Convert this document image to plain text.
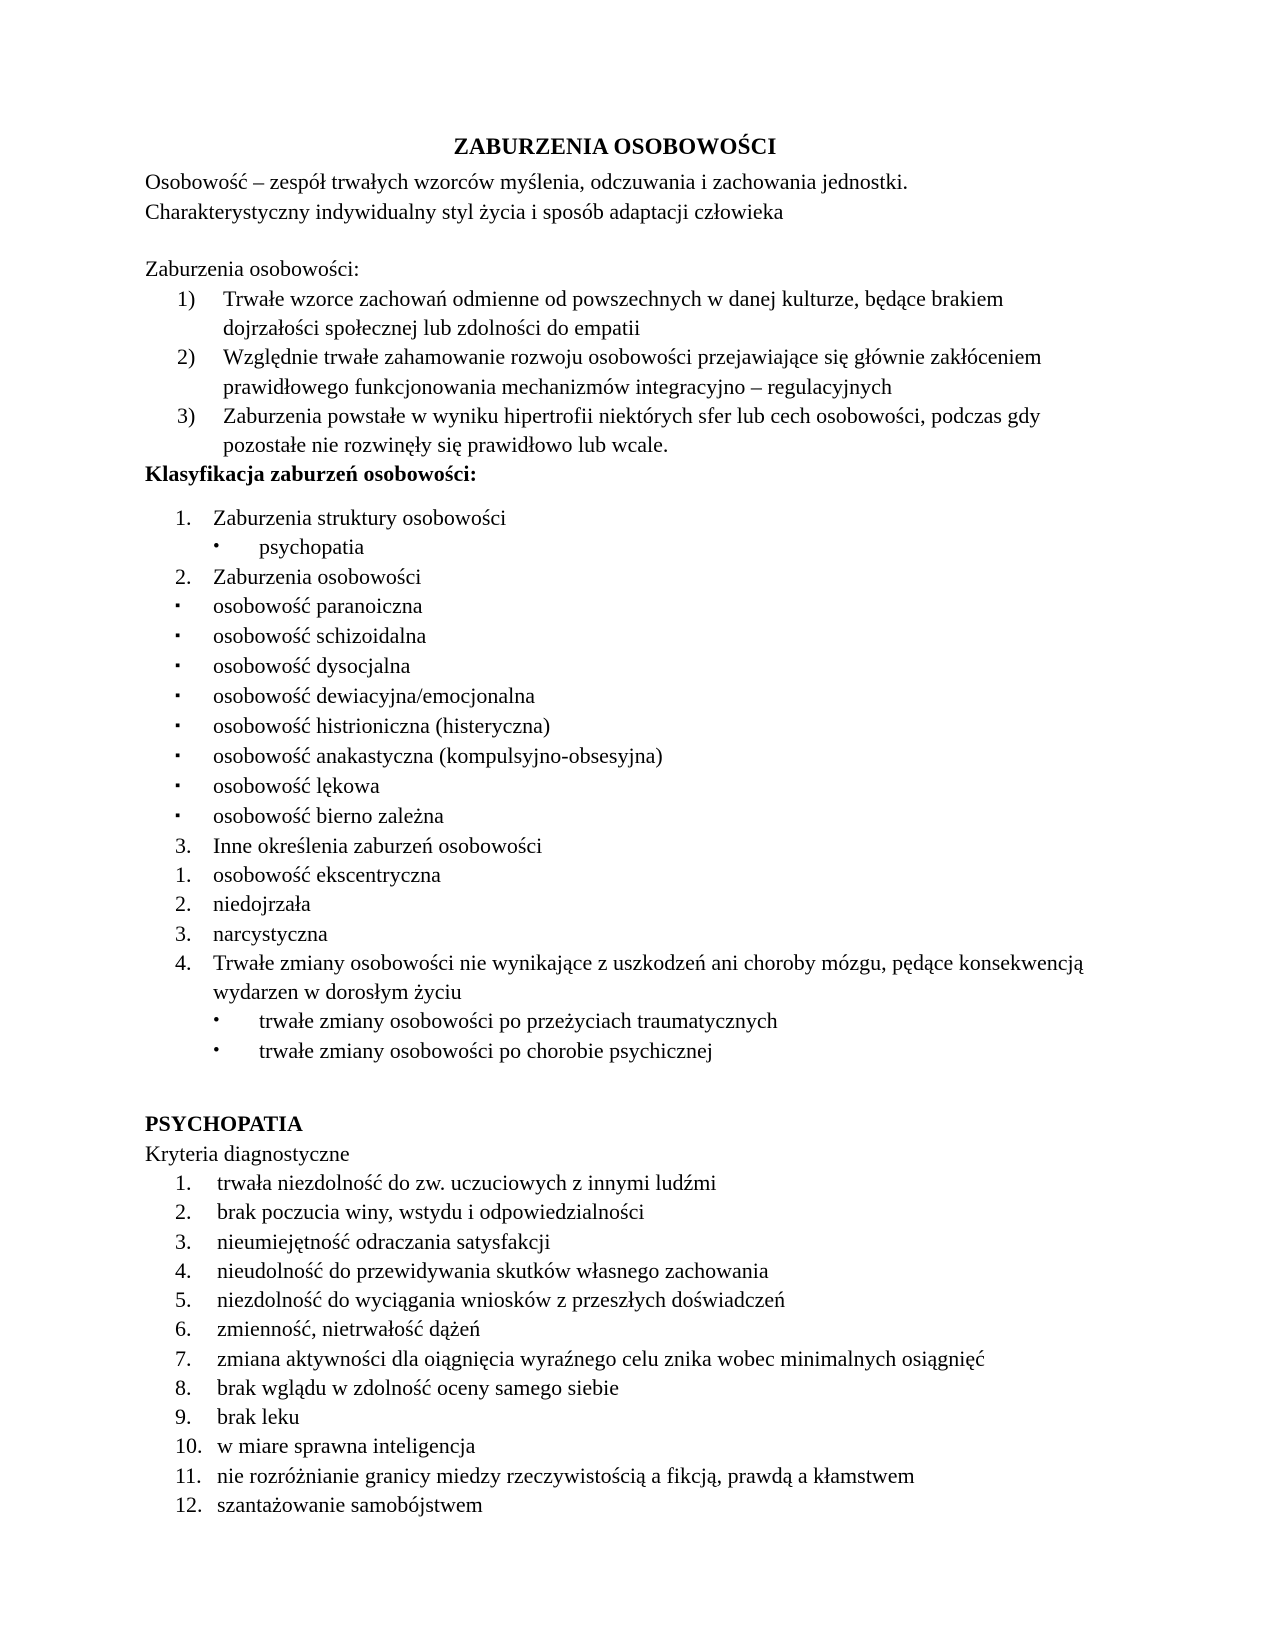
ZABURZENIA OSOBOWOŚCI

Osobowość – zespół trwałych wzorców myślenia, odczuwania i zachowania jednostki.

Charakterystyczny indywidualny styl życia i sposób adaptacji człowieka

Zaburzenia osobowości:

1)	Trwałe wzorce zachowań odmienne od powszechnych w danej kulturze, będące brakiem dojrzałości społecznej lub zdolności do empatii
2)	Względnie trwałe zahamowanie rozwoju osobowości przejawiające się głównie zakłóceniem prawidłowego funkcjonowania mechanizmów integracyjno – regulacyjnych
3)	Zaburzenia powstałe w wyniku hipertrofii niektórych sfer lub cech osobowości, podczas gdy pozostałe nie rozwinęły się prawidłowo lub wcale.

Klasyfikacja zaburzeń osobowości:

1. Zaburzenia struktury osobowości
•	psychopatia
2. Zaburzenia osobowości
▪	osobowość paranoiczna
▪	osobowość schizoidalna
▪	osobowość dysocjalna
▪	osobowość dewiacyjna/emocjonalna
▪	osobowość histrioniczna (histeryczna)
▪	osobowość anakastyczna (kompulsyjno-obsesyjna)
▪	osobowość lękowa
▪	osobowość bierno zależna
3. Inne określenia zaburzeń osobowości
1. osobowość ekscentryczna
2. niedojrzała
3. narcystyczna
4. Trwałe zmiany osobowości nie wynikające z uszkodzeń ani choroby mózgu, pędące konsekwencją wydarzen w dorosłym życiu
•	trwałe zmiany osobowości po przeżyciach traumatycznych
•	trwałe zmiany osobowości po chorobie psychicznej

PSYCHOPATIA

Kryteria diagnostyczne

1.	trwała niezdolność do zw. uczuciowych z innymi ludźmi
2.	brak poczucia winy, wstydu i odpowiedzialności
3.	nieumiejętność odraczania satysfakcji
4.	nieudolność do przewidywania skutków własnego zachowania
5.	niezdolność do wyciągania wniosków z przeszłych doświadczeń
6.	zmienność, nietrwałość dążeń
7.	zmiana aktywności dla oiągnięcia wyraźnego celu znika wobec minimalnych osiągnięć
8.	brak wglądu w zdolność oceny samego siebie
9.	brak leku
10. w miare sprawna inteligencja
11. nie rozróżnianie granicy miedzy rzeczywistością a fikcją, prawdą a kłamstwem
12. szantażowanie samobójstwem
